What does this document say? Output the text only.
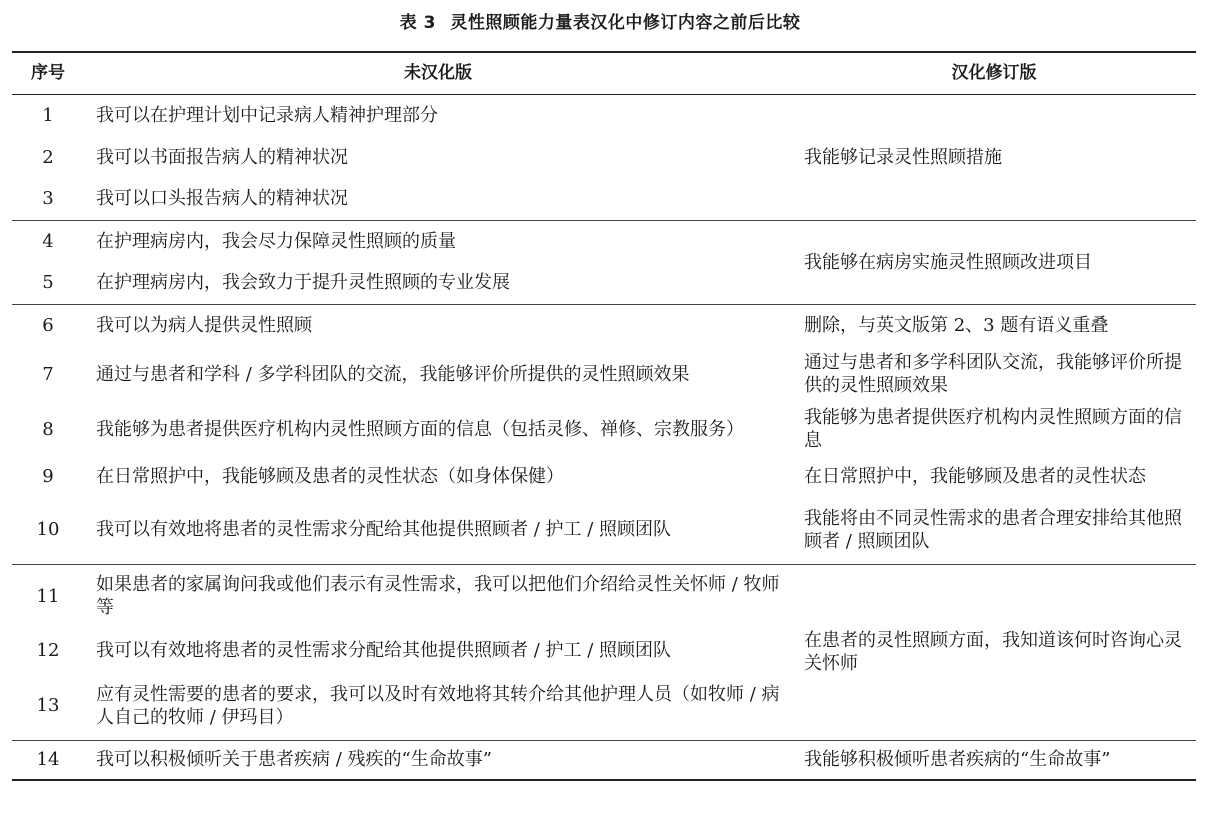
表 3 灵性照顾能力量表汉化中修订内容之前后比较
序号	未汉化版	汉化修订版
1	我可以在护理计划中记录病人精神护理部分	我能够记录灵性照顾措施
2	我可以书面报告病人的精神状况	
3	我可以口头报告病人的精神状况	
4	在护理病房内，我会尽力保障灵性照顾的质量	我能够在病房实施灵性照顾改进项目
5	在护理病房内，我会致力于提升灵性照顾的专业发展	
6	我可以为病人提供灵性照顾	删除，与英文版第 2、3 题有语义重叠
7	通过与患者和学科 / 多学科团队的交流，我能够评价所提供的灵性照顾效果	通过与患者和多学科团队交流，我能够评价所提供的灵性照顾效果
8	我能够为患者提供医疗机构内灵性照顾方面的信息（包括灵修、禅修、宗教服务）	我能够为患者提供医疗机构内灵性照顾方面的信息
9	在日常照护中，我能够顾及患者的灵性状态（如身体保健）	在日常照护中，我能够顾及患者的灵性状态
10	我可以有效地将患者的灵性需求分配给其他提供照顾者 / 护工 / 照顾团队	我能将由不同灵性需求的患者合理安排给其他照顾者 / 照顾团队
11	如果患者的家属询问我或他们表示有灵性需求，我可以把他们介绍给灵性关怀师 / 牧师等	在患者的灵性照顾方面，我知道该何时咨询心灵关怀师
12	我可以有效地将患者的灵性需求分配给其他提供照顾者 / 护工 / 照顾团队	
13	应有灵性需要的患者的要求，我可以及时有效地将其转介给其他护理人员（如牧师 / 病人自己的牧师 / 伊玛目）	
14	我可以积极倾听关于患者疾病 / 残疾的“生命故事”	我能够积极倾听患者疾病的“生命故事”
